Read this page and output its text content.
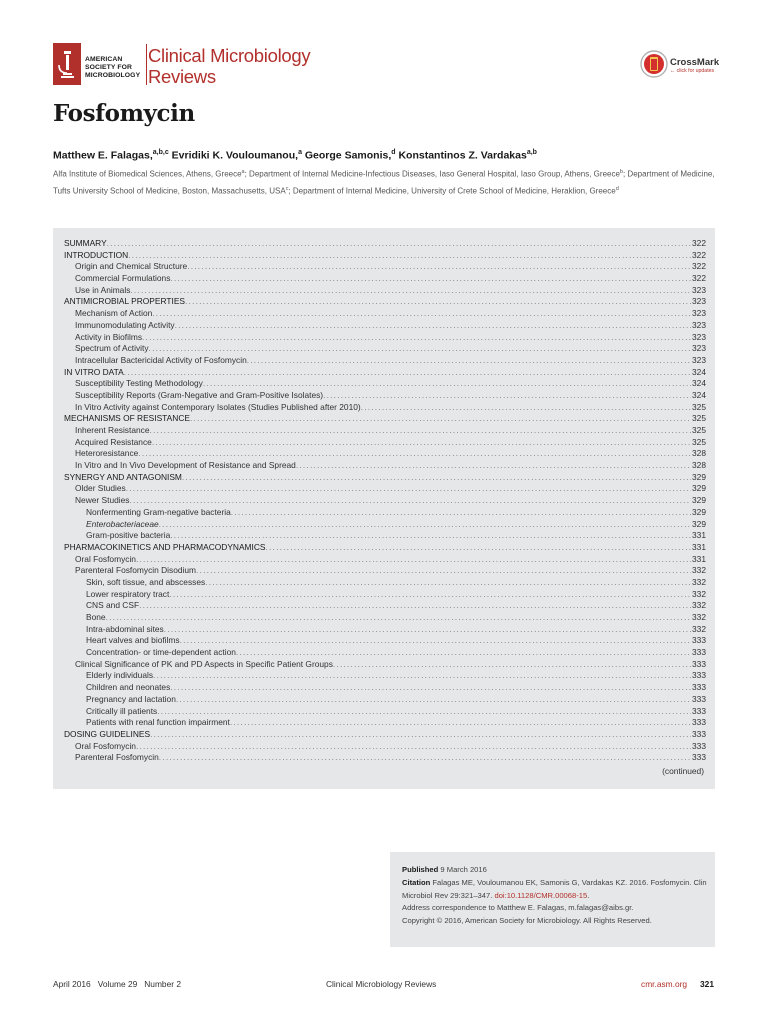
AMERICAN
SOCIETY FOR
MICROBIOLOGY
Clinical Microbiology
Reviews
CrossMark
← click for updates
Fosfomycin
Matthew E. Falagas,$^{a,b,c}$ Evridiki K. Vouloumanou,$^a$ George Samonis,$^d$ Konstantinos Z. Vardakas$^{a,b}$
Alfa Institute of Biomedical Sciences, Athens, Greece$^a$; Department of Internal Medicine-Infectious Diseases, Iaso General Hospital, Iaso Group, Athens, Greece$^b$; Department of Medicine, Tufts University School of Medicine, Boston, Massachusetts, USA$^c$; Department of Internal Medicine, University of Crete School of Medicine, Heraklion, Greece$^d$
SUMMARY .....	322
INTRODUCTION .....	322
Origin and Chemical Structure .....	322
Commercial Formulations .....	322
Use in Animals .....	323
ANTIMICROBIAL PROPERTIES .....	323
Mechanism of Action .....	323
Immunomodulating Activity .....	323
Activity in Biofilms .....	323
Spectrum of Activity .....	323
Intracellular Bactericidal Activity of Fosfomycin .....	323
IN VITRO DATA .....	324
Susceptibility Testing Methodology .....	324
Susceptibility Reports (Gram-Negative and Gram-Positive Isolates) .....	324
In Vitro Activity against Contemporary Isolates (Studies Published after 2010) .....	325
MECHANISMS OF RESISTANCE .....	325
Inherent Resistance .....	325
Acquired Resistance .....	325
Heteroresistance .....	328
In Vitro and In Vivo Development of Resistance and Spread .....	328
SYNERGY AND ANTAGONISM .....	329
Older Studies .....	329
Newer Studies .....	329
Nonfermenting Gram-negative bacteria .....	329
Enterobacteriaceae .....	329
Gram-positive bacteria .....	331
PHARMACOKINETICS AND PHARMACODYNAMICS .....	331
Oral Fosfomycin .....	331
Parenteral Fosfomycin Disodium .....	332
Skin, soft tissue, and abscesses .....	332
Lower respiratory tract .....	332
CNS and CSF .....	332
Bone .....	332
Intra-abdominal sites .....	332
Heart valves and biofilms .....	333
Concentration- or time-dependent action .....	333
Clinical Significance of PK and PD Aspects in Specific Patient Groups .....	333
Elderly individuals .....	333
Children and neonates .....	333
Pregnancy and lactation .....	333
Critically ill patients .....	333
Patients with renal function impairment .....	333
DOSING GUIDELINES .....	333
Oral Fosfomycin .....	333
Parenteral Fosfomycin .....	333
(continued)
Published 9 March 2016
Citation Falagas ME, Vouloumanou EK, Samonis G, Vardakas KZ. 2016. Fosfomycin. Clin Microbiol Rev 29:321–347. doi:10.1128/CMR.00068-15.
Address correspondence to Matthew E. Falagas, m.falagas@aibs.gr.
Copyright © 2016, American Society for Microbiology. All Rights Reserved.
April 2016   Volume 29   Number 2	Clinical Microbiology Reviews	cmr.asm.org 321
